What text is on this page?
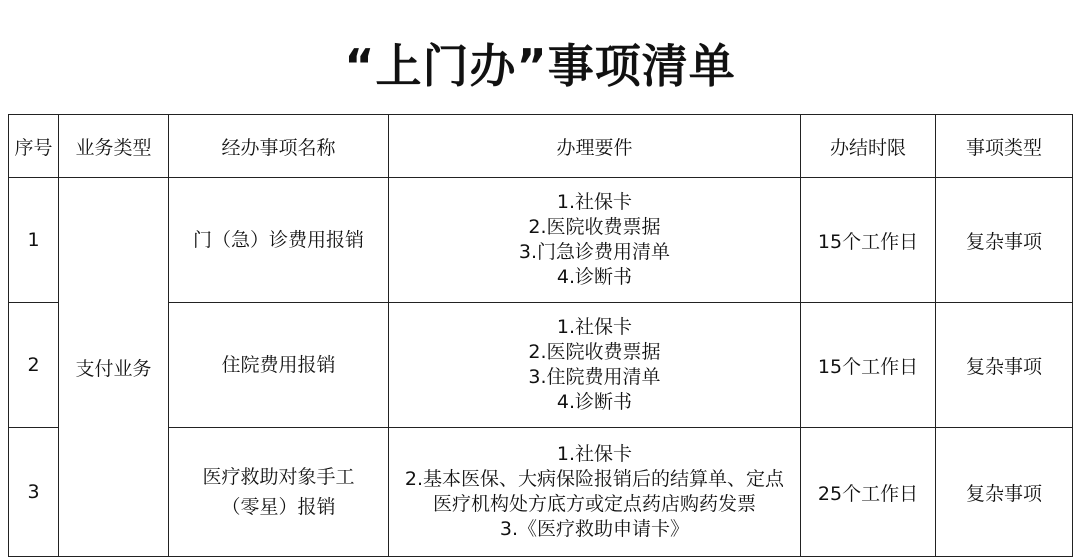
“上门办”事项清单
序号	业务类型	经办事项名称	办理要件	办结时限	事项类型
1	支付业务	门（急）诊费用报销	1.社保卡
2.医院收费票据
3.门急诊费用清单
4.诊断书	15个工作日	复杂事项
2		住院费用报销	1.社保卡
2.医院收费票据
3.住院费用清单
4.诊断书	15个工作日	复杂事项
3		医疗救助对象手工
（零星）报销	1.社保卡
2.基本医保、大病保险报销后的结算单、定点
医疗机构处方底方或定点药店购药发票
3.《医疗救助申请卡》	25个工作日	复杂事项
